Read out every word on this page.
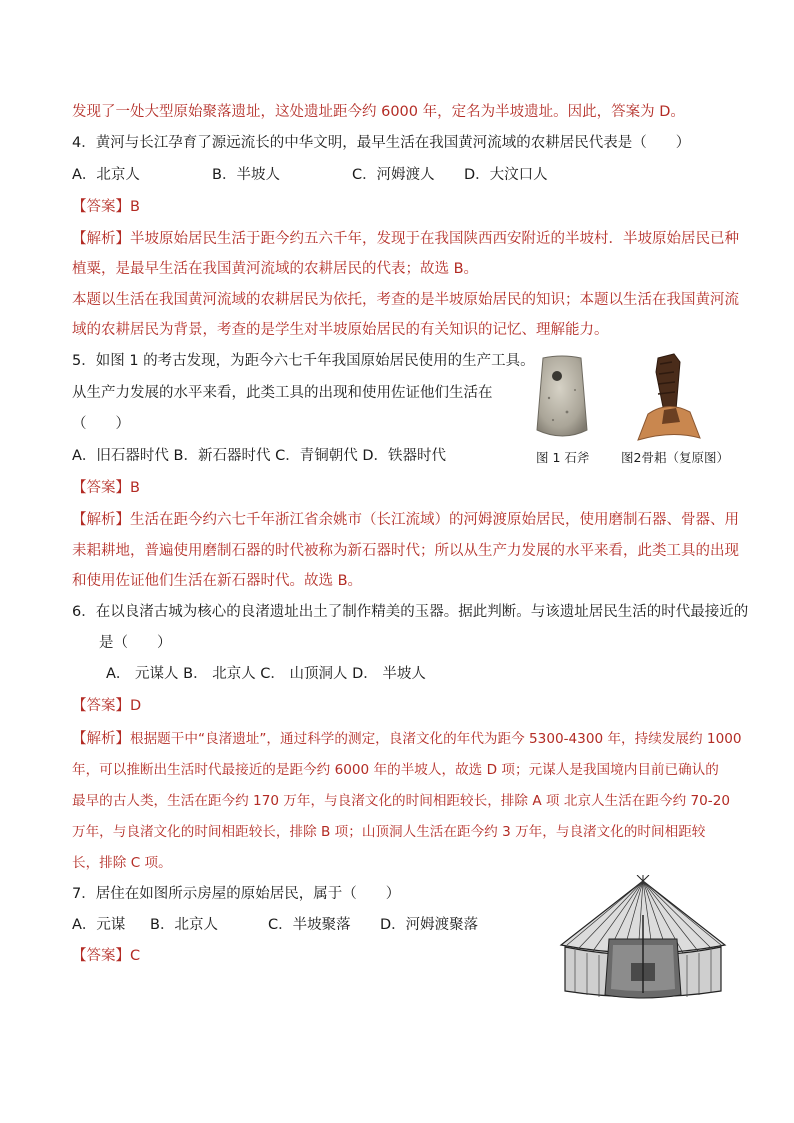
发现了一处大型原始聚落遗址，这处遗址距今约 6000 年，定名为半坡遗址。因此，答案为 D。
4．黄河与长江孕育了源远流长的中华文明，最早生活在我国黄河流域的农耕居民代表是（　　）
A．北京人	B．半坡人	C．河姆渡人 D．大汶口人
【答案】B
【解析】半坡原始居民生活于距今约五六千年，发现于在我国陕西西安附近的半坡村．半坡原始居民已种
植粟，是最早生活在我国黄河流域的农耕居民的代表；故选 B。
本题以生活在我国黄河流域的农耕居民为依托，考查的是半坡原始居民的知识；本题以生活在我国黄河流
域的农耕居民为背景，考查的是学生对半坡原始居民的有关知识的记忆、理解能力。
5．如图 1 的考古发现，为距今六七千年我国原始居民使用的生产工具。
从生产力发展的水平来看，此类工具的出现和使用佐证他们生活在
（　　）
A．旧石器时代 B．新石器时代 C．青铜朝代 D．铁器时代	图 1 石斧	图2骨耜（复原图）
【答案】B
【解析】生活在距今约六七千年浙江省余姚市（长江流域）的河姆渡原始居民，使用磨制石器、骨器、用
耒耜耕地，普遍使用磨制石器的时代被称为新石器时代；所以从生产力发展的水平来看，此类工具的出现
和使用佐证他们生活在新石器时代。故选 B。
6．在以良渚古城为核心的良渚遗址出土了制作精美的玉器。据此判断。与该遗址居民生活的时代最接近的
是（　　）
A． 元谋人 B． 北京人 C． 山顶洞人 D． 半坡人
【答案】D
【解析】根据题干中“良渚遗址”，通过科学的测定，良渚文化的年代为距今 5300-4300 年，持续发展约 1000
年，可以推断出生活时代最接近的是距今约 6000 年的半坡人，故选 D 项；元谋人是我国境内目前已确认的
最早的古人类，生活在距今约 170 万年，与良渚文化的时间相距较长，排除 A 项 北京人生活在距今约 70-20
万年，与良渚文化的时间相距较长，排除 B 项；山顶洞人生活在距今约 3 万年，与良渚文化的时间相距较
长，排除 C 项。
7．居住在如图所示房屋的原始居民，属于（　　）
A．元谋 B．北京人	C．半坡聚落 D．河姆渡聚落
【答案】C
